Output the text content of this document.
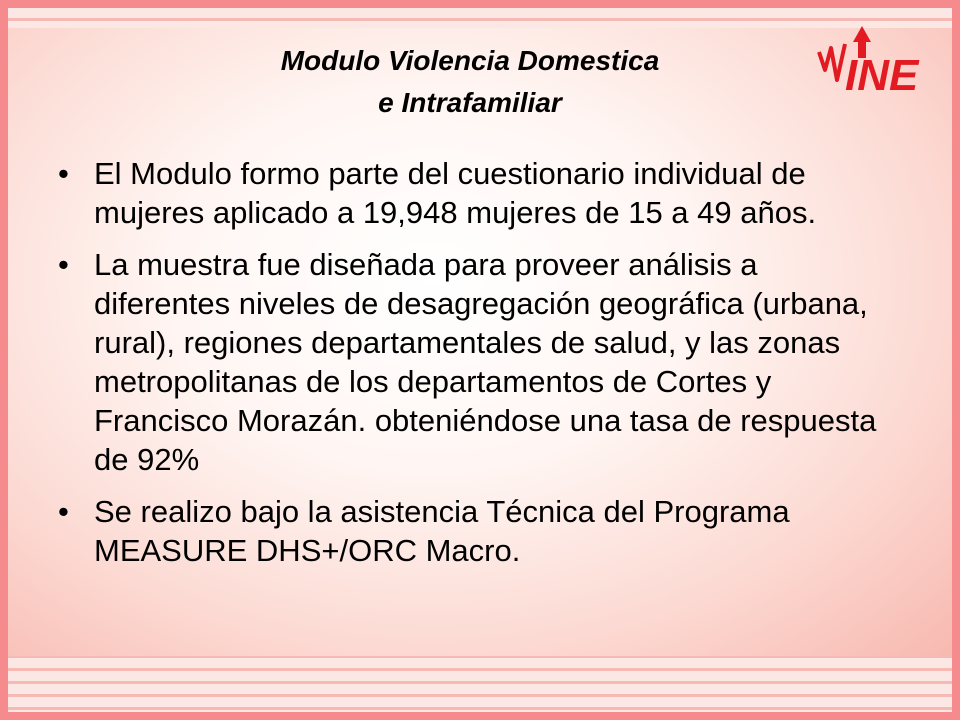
Modulo Violencia Domestica
e Intrafamiliar
INE
• El Modulo formo parte del cuestionario individual de mujeres aplicado a 19,948 mujeres de 15 a 49 años.
• La muestra fue diseñada para proveer análisis a diferentes niveles de desagregación geográfica (urbana, rural), regiones departamentales de salud, y las zonas metropolitanas de los departamentos de Cortes y Francisco Morazán. obteniéndose una tasa de respuesta de 92%
• Se realizo bajo la asistencia Técnica del Programa MEASURE DHS+/ORC Macro.
